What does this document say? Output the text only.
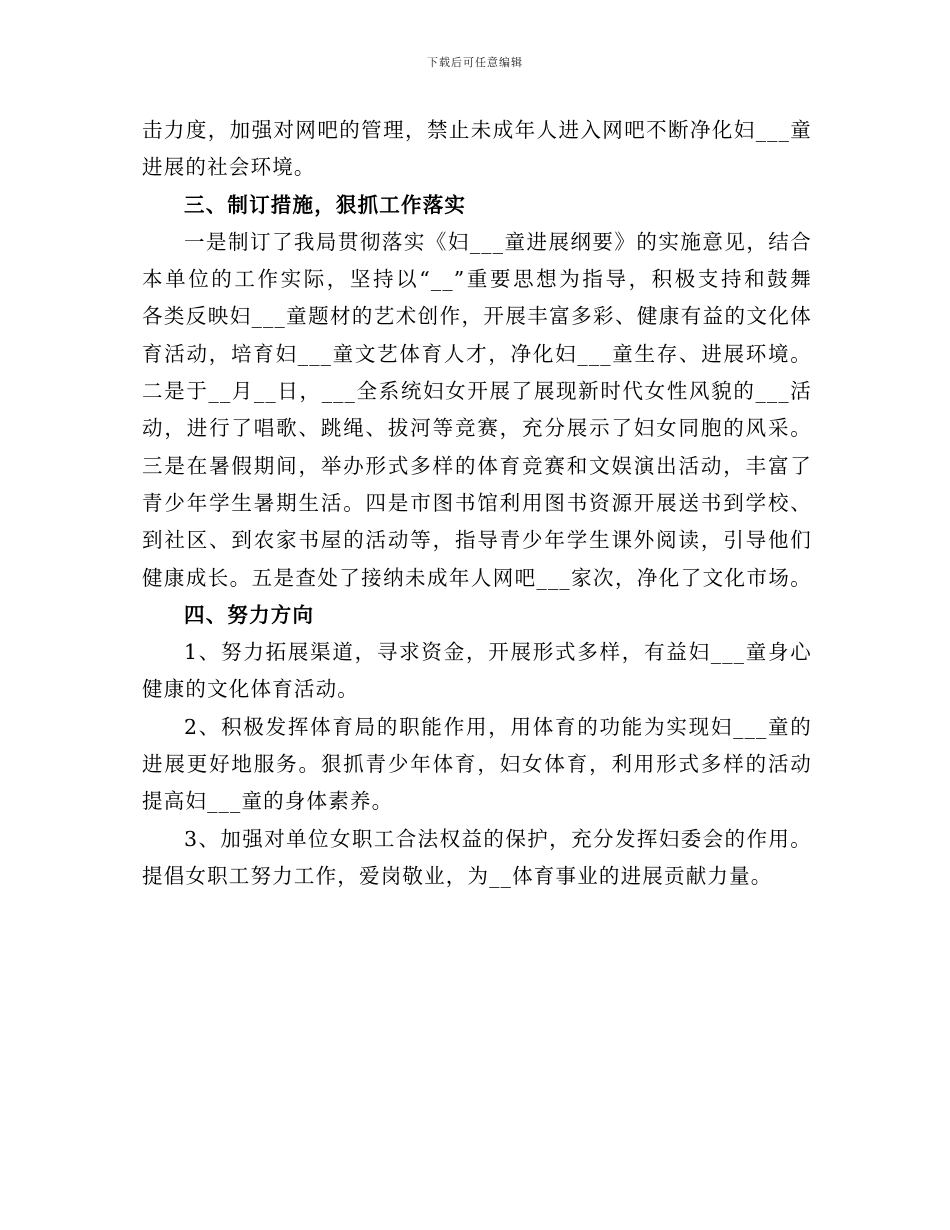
下载后可任意编辑
击力度，加强对网吧的管理，禁止未成年人进入网吧不断净化妇___童
进展的社会环境。
三、制订措施，狠抓工作落实
一是制订了我局贯彻落实《妇___童进展纲要》的实施意见，结合
本单位的工作实际，坚持以“__”重要思想为指导，积极支持和鼓舞
各类反映妇___童题材的艺术创作，开展丰富多彩、健康有益的文化体
育活动，培育妇___童文艺体育人才，净化妇___童生存、进展环境。
二是于__月__日，___全系统妇女开展了展现新时代女性风貌的___活
动，进行了唱歌、跳绳、拔河等竞赛，充分展示了妇女同胞的风采。
三是在暑假期间，举办形式多样的体育竞赛和文娱演出活动，丰富了
青少年学生暑期生活。四是市图书馆利用图书资源开展送书到学校、
到社区、到农家书屋的活动等，指导青少年学生课外阅读，引导他们
健康成长。五是查处了接纳未成年人网吧___家次，净化了文化市场。
四、努力方向
1、努力拓展渠道，寻求资金，开展形式多样，有益妇___童身心
健康的文化体育活动。
2、积极发挥体育局的职能作用，用体育的功能为实现妇___童的
进展更好地服务。狠抓青少年体育，妇女体育，利用形式多样的活动
提高妇___童的身体素养。
3、加强对单位女职工合法权益的保护，充分发挥妇委会的作用。
提倡女职工努力工作，爱岗敬业，为__体育事业的进展贡献力量。
